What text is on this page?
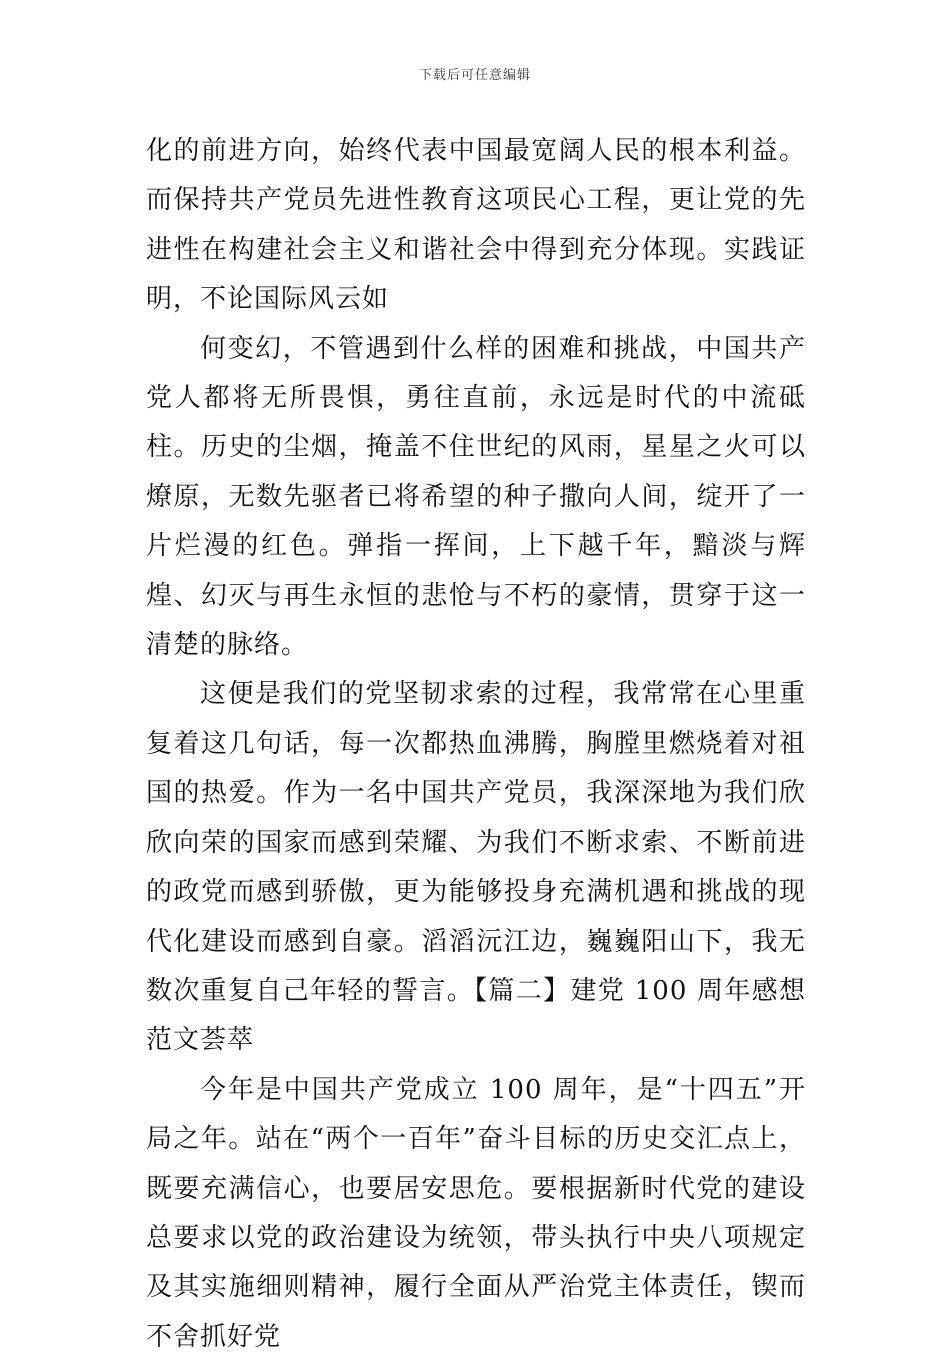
下载后可任意编辑

化的前进方向，始终代表中国最宽阔人民的根本利益。而保持共产党员先进性教育这项民心工程，更让党的先进性在构建社会主义和谐社会中得到充分体现。实践证明，不论国际风云如

何变幻，不管遇到什么样的困难和挑战，中国共产党人都将无所畏惧，勇往直前，永远是时代的中流砥柱。历史的尘烟，掩盖不住世纪的风雨，星星之火可以燎原，无数先驱者已将希望的种子撒向人间，绽开了一片烂漫的红色。弹指一挥间，上下越千年，黯淡与辉煌、幻灭与再生永恒的悲怆与不朽的豪情，贯穿于这一清楚的脉络。

这便是我们的党坚韧求索的过程，我常常在心里重复着这几句话，每一次都热血沸腾，胸膛里燃烧着对祖国的热爱。作为一名中国共产党员，我深深地为我们欣欣向荣的国家而感到荣耀、为我们不断求索、不断前进的政党而感到骄傲，更为能够投身充满机遇和挑战的现代化建设而感到自豪。滔滔沅江边，巍巍阳山下，我无数次重复自己年轻的誓言。【篇二】建党 100 周年感想范文荟萃

今年是中国共产党成立 100 周年，是“十四五”开局之年。站在“两个一百年”奋斗目标的历史交汇点上，既要充满信心，也要居安思危。要根据新时代党的建设总要求以党的政治建设为统领，带头执行中央八项规定及其实施细则精神，履行全面从严治党主体责任，锲而不舍抓好党
